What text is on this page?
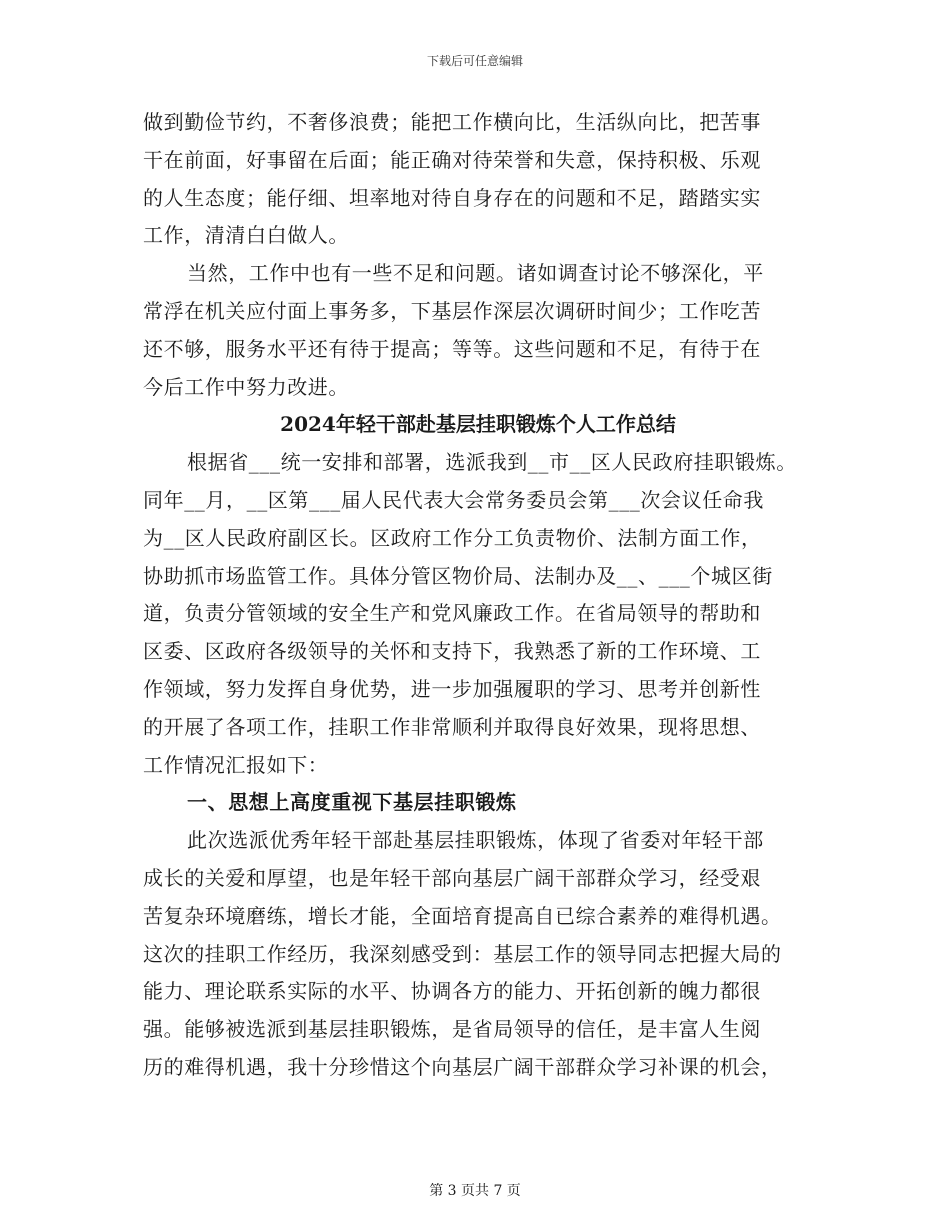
下载后可任意编辑
做到勤俭节约，不奢侈浪费；能把工作横向比，生活纵向比，把苦事
干在前面，好事留在后面；能正确对待荣誉和失意，保持积极、乐观
的人生态度；能仔细、坦率地对待自身存在的问题和不足，踏踏实实
工作，清清白白做人。
当然，工作中也有一些不足和问题。诸如调查讨论不够深化，平
常浮在机关应付面上事务多，下基层作深层次调研时间少；工作吃苦
还不够，服务水平还有待于提高；等等。这些问题和不足，有待于在
今后工作中努力改进。
2024年轻干部赴基层挂职锻炼个人工作总结
根据省___统一安排和部署，选派我到__市__区人民政府挂职锻炼。
同年__月，__区第___届人民代表大会常务委员会第___次会议任命我
为__区人民政府副区长。区政府工作分工负责物价、法制方面工作，
协助抓市场监管工作。具体分管区物价局、法制办及__、___个城区街
道，负责分管领域的安全生产和党风廉政工作。在省局领导的帮助和
区委、区政府各级领导的关怀和支持下，我熟悉了新的工作环境、工
作领域，努力发挥自身优势，进一步加强履职的学习、思考并创新性
的开展了各项工作，挂职工作非常顺利并取得良好效果，现将思想、
工作情况汇报如下：
一、思想上高度重视下基层挂职锻炼
此次选派优秀年轻干部赴基层挂职锻炼，体现了省委对年轻干部
成长的关爱和厚望，也是年轻干部向基层广阔干部群众学习，经受艰
苦复杂环境磨练，增长才能，全面培育提高自已综合素养的难得机遇。
这次的挂职工作经历，我深刻感受到：基层工作的领导同志把握大局的
能力、理论联系实际的水平、协调各方的能力、开拓创新的魄力都很
强。能够被选派到基层挂职锻炼，是省局领导的信任，是丰富人生阅
历的难得机遇，我十分珍惜这个向基层广阔干部群众学习补课的机会，
第 3 页共 7 页
